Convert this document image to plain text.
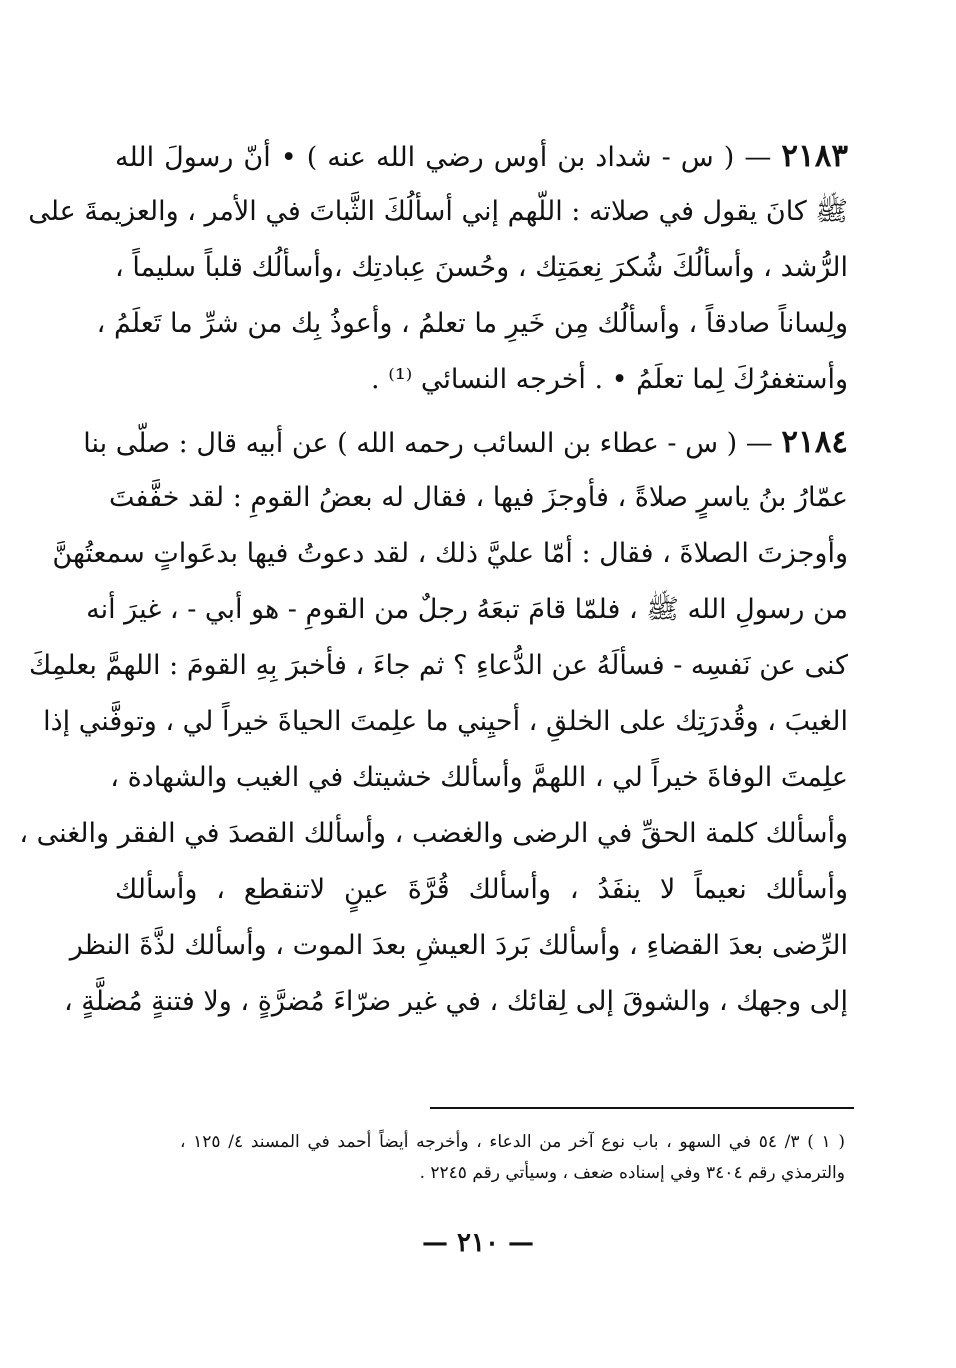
٢١٨٣ — ( س - شداد بن أوس رضي الله عنه ) • أنّ رسولَ الله
ﷺ كانَ يقول في صلاته : اللّهم إني أسألُكَ الثَّباتَ في الأمر ، والعزيمةَ على
الرُّشد ، وأسألُكَ شُكرَ نِعمَتِك ، وحُسنَ عِبادتِك ،وأسألُك قلباً سليماً ،
ولِساناً صادقاً ، وأسألُك مِن خَيرِ ما تعلمُ ، وأعوذُ بِك من شرِّ ما تَعلَمُ ،
وأستغفرُكَ لِما تعلَمُ • . أخرجه النسائي ⁽¹⁾ .
٢١٨٤ — ( س - عطاء بن السائب رحمه الله ) عن أبيه قال : صلّى بنا
عمّارُ بنُ ياسرٍ صلاةً ، فأوجزَ فيها ، فقال له بعضُ القومِ : لقد خفَّفتَ
وأوجزتَ الصلاةَ ، فقال : أمّا عليَّ ذلك ، لقد دعوتُ فيها بدعَواتٍ سمعتُهنَّ
من رسولِ الله ﷺ ، فلمّا قامَ تبعَهُ رجلٌ من القومِ - هو أبي - ، غيرَ أنه
كنى عن نَفسِه - فسألَهُ عن الدُّعاءِ ؟ ثم جاءَ ، فأخبرَ بِهِ القومَ : اللهمَّ بعلمِكَ
الغيبَ ، وقُدرَتِك على الخلقِ ، أحيِني ما علِمتَ الحياةَ خيراً لي ، وتوفَّني إذا
علِمتَ الوفاةَ خيراً لي ، اللهمَّ وأسألك خشيتك في الغيب والشهادة ،
وأسألك كلمة الحقِّ في الرضى والغضب ، وأسألك القصدَ في الفقر والغنى ،
وأسألك نعيماً لا ينفَدُ ، وأسألك قُرَّةَ عينٍ لاتنقطع ، وأسألك
الرِّضى بعدَ القضاءِ ، وأسألك بَردَ العيشِ بعدَ الموت ، وأسألك لذَّةَ النظر
إلى وجهك ، والشوقَ إلى لِقائك ، في غير ضرّاءَ مُضرَّةٍ ، ولا فتنةٍ مُضلَّةٍ ،
( ١ ) ٣/ ٥٤ في السهو ، باب نوع آخر من الدعاء ، وأخرجه أيضاً أحمد في المسند ٤/ ١٢٥ ،
والترمذي رقم ٣٤٠٤ وفي إسناده ضعف ، وسيأتي رقم ٢٢٤٥ .
— ٢١٠ —
